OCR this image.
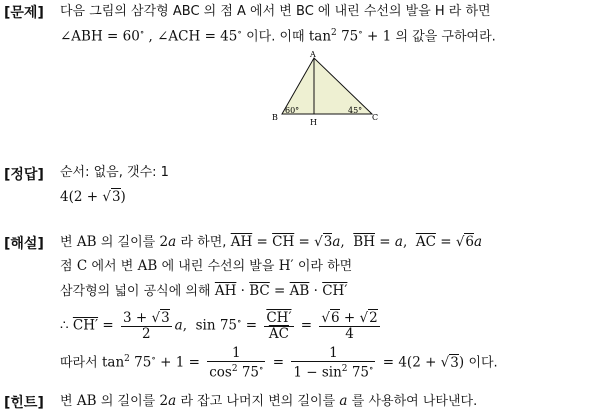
[문제] 다음 그림의 삼각형 ABC 의 점 A 에서 변 BC 에 내린 수선의 발을 H 라 하면
∠ABH = 60∘ , ∠ACH = 45∘ 이다. 이때 $\tan^2 75^\circ + 1$ 의 값을 구하여라.
A
B	C
H
60°	45°
[정답] 순서: 없음, 갯수: 1
4(2 + √3)
[해설] 변 AB 의 길이를 2a 라 하면, $\overline{AH} = \overline{CH} = √3a$,  $\overline{BH} = a$,  $\overline{AC} = √6a$
점 C 에서 변 AB 에 내린 수선의 발을 H′ 이라 하면
삼각형의 넓이 공식에 의해 $\overline{AH} \cdot \overline{BC} = \overline{AB} \cdot CH'$
∴ $CH' = \frac{3 + √3}{2} a$,  $\sin 75^\circ = \frac{CH'}{AC} = \frac{√6 + √2}{4}$
따라서 $\tan^2 75^\circ + 1 = \frac{1}{\cos^2 75^\circ} = \frac{1}{1 - \sin^2 75^\circ} = 4(2 + √3)$ 이다.
[힌트] 변 AB 의 길이를 2a 라 잡고 나머지 변의 길이를 a 를 사용하여 나타낸다.
